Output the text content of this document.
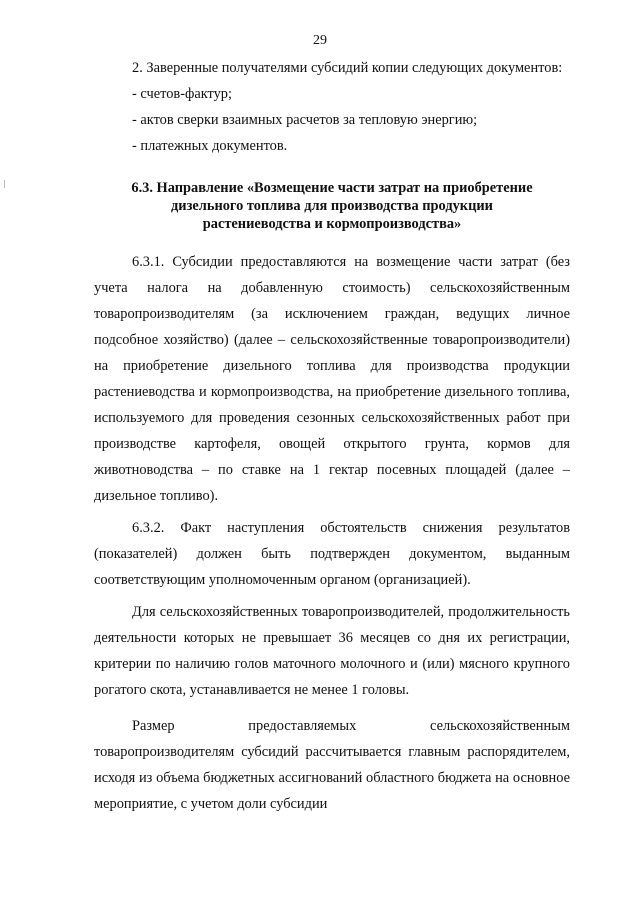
29

2. Заверенные получателями субсидий копии следующих документов:

- счетов-фактур;

- актов сверки взаимных расчетов за тепловую энергию;

- платежных документов.

6.3. Направление «Возмещение части затрат на приобретение
дизельного топлива для производства продукции
растениеводства и кормопроизводства»

6.3.1. Субсидии предоставляются на возмещение части затрат (без учета налога на добавленную стоимость) сельскохозяйственным товаропроизводителям (за исключением граждан, ведущих личное подсобное хозяйство) (далее – сельскохозяйственные товаропроизводители) на приобретение дизельного топлива для производства продукции растениеводства и кормопроизводства, на приобретение дизельного топлива, используемого для проведения сезонных сельскохозяйственных работ при производстве картофеля, овощей открытого грунта, кормов для животноводства – по ставке на 1 гектар посевных площадей (далее – дизельное топливо).

6.3.2. Факт наступления обстоятельств снижения результатов (показателей) должен быть подтвержден документом, выданным соответствующим уполномоченным органом (организацией).

Для сельскохозяйственных товаропроизводителей, продолжительность деятельности которых не превышает 36 месяцев со дня их регистрации, критерии по наличию голов маточного молочного и (или) мясного крупного рогатого скота, устанавливается не менее 1 головы.

Размер предоставляемых сельскохозяйственным товаропроизводителям субсидий рассчитывается главным распорядителем, исходя из объема бюджетных ассигнований областного бюджета на основное мероприятие, с учетом доли субсидии
